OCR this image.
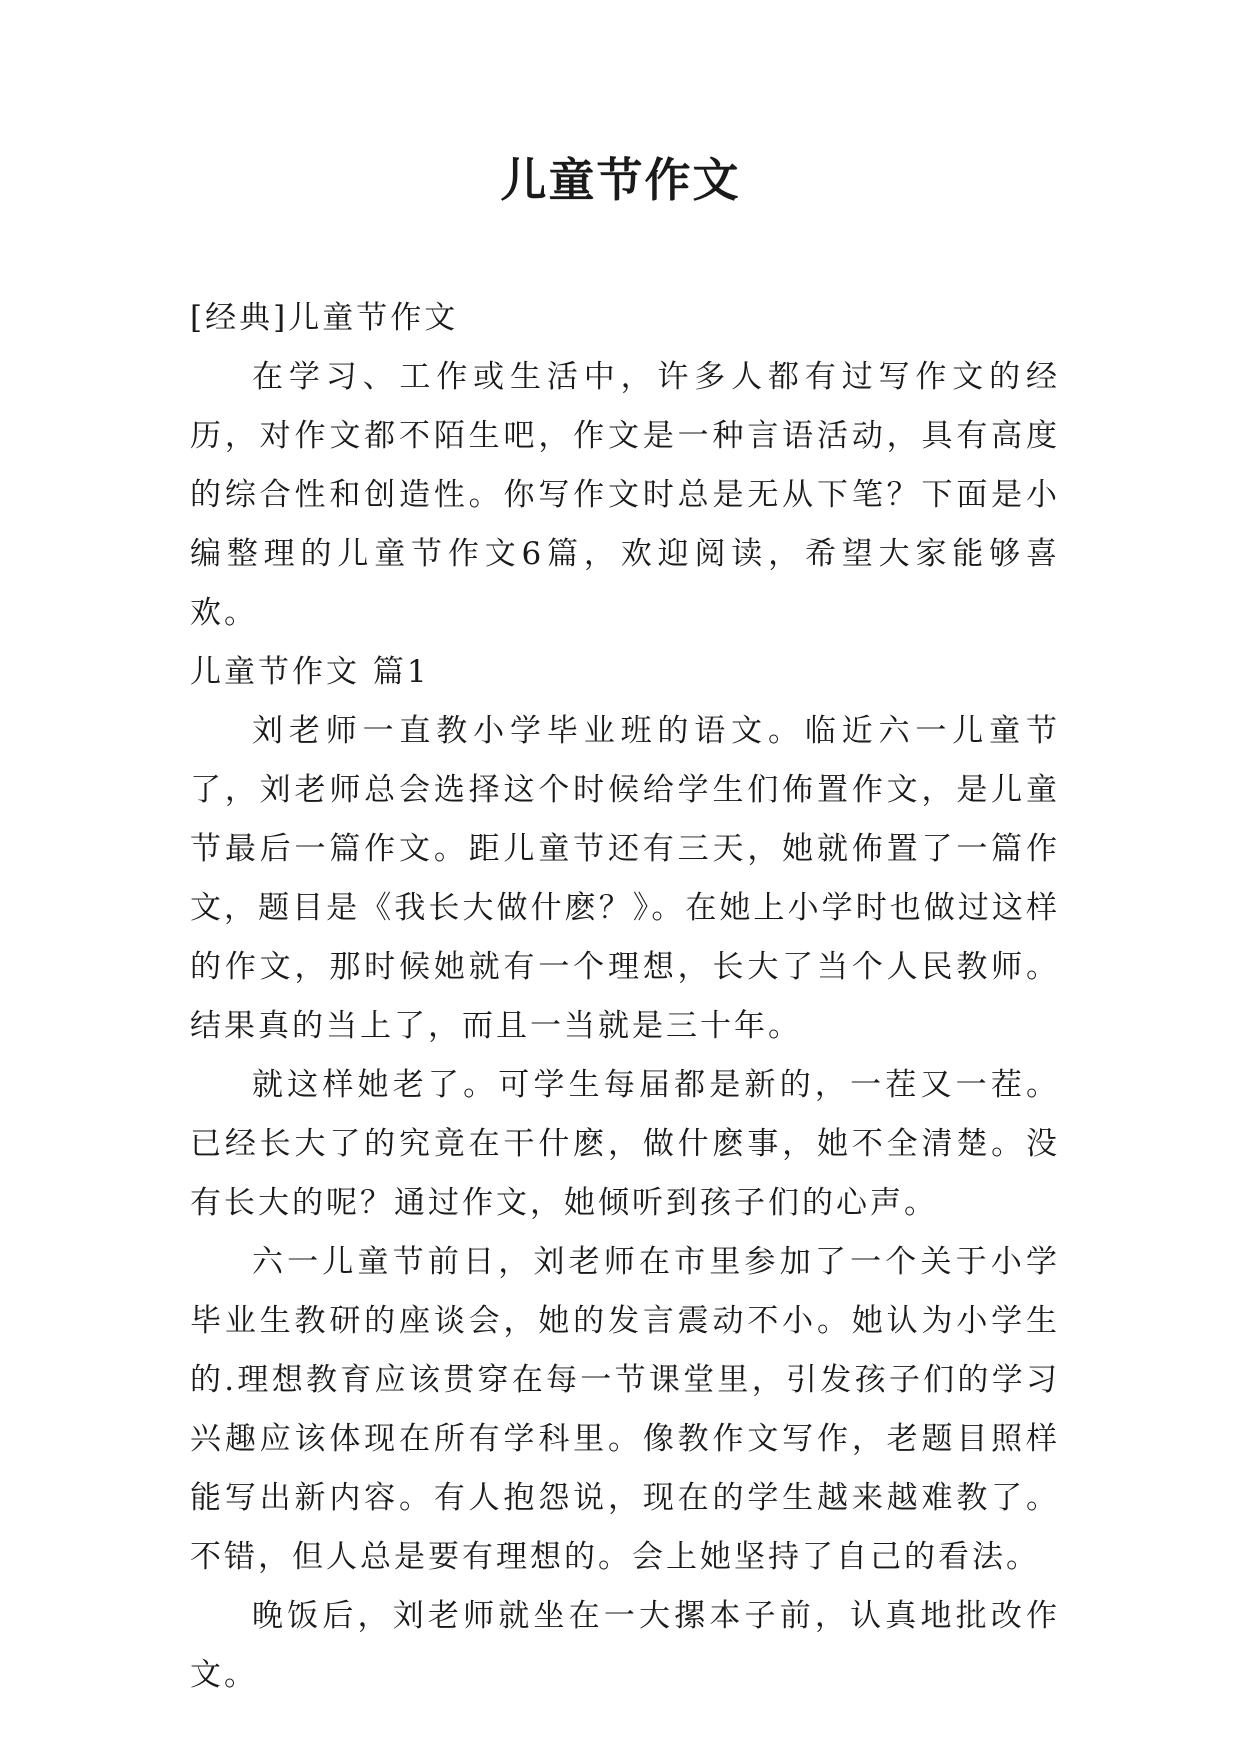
儿童节作文

[经典]儿童节作文

在学习、工作或生活中，许多人都有过写作文的经历，对作文都不陌生吧，作文是一种言语活动，具有高度的综合性和创造性。你写作文时总是无从下笔？下面是小编整理的儿童节作文6篇，欢迎阅读，希望大家能够喜欢。

儿童节作文 篇1

刘老师一直教小学毕业班的语文。临近六一儿童节了，刘老师总会选择这个时候给学生们佈置作文，是儿童节最后一篇作文。距儿童节还有三天，她就佈置了一篇作文，题目是《我长大做什麽？》。在她上小学时也做过这样的作文，那时候她就有一个理想，长大了当个人民教师。结果真的当上了，而且一当就是三十年。

就这样她老了。可学生每届都是新的，一茬又一茬。已经长大了的究竟在干什麽，做什麽事，她不全清楚。没有长大的呢？通过作文，她倾听到孩子们的心声。

六一儿童节前日，刘老师在市里参加了一个关于小学毕业生教研的座谈会，她的发言震动不小。她认为小学生的.理想教育应该贯穿在每一节课堂里，引发孩子们的学习兴趣应该体现在所有学科里。像教作文写作，老题目照样能写出新内容。有人抱怨说，现在的学生越来越难教了。不错，但人总是要有理想的。会上她坚持了自己的看法。

晚饭后，刘老师就坐在一大摞本子前，认真地批改作文。
